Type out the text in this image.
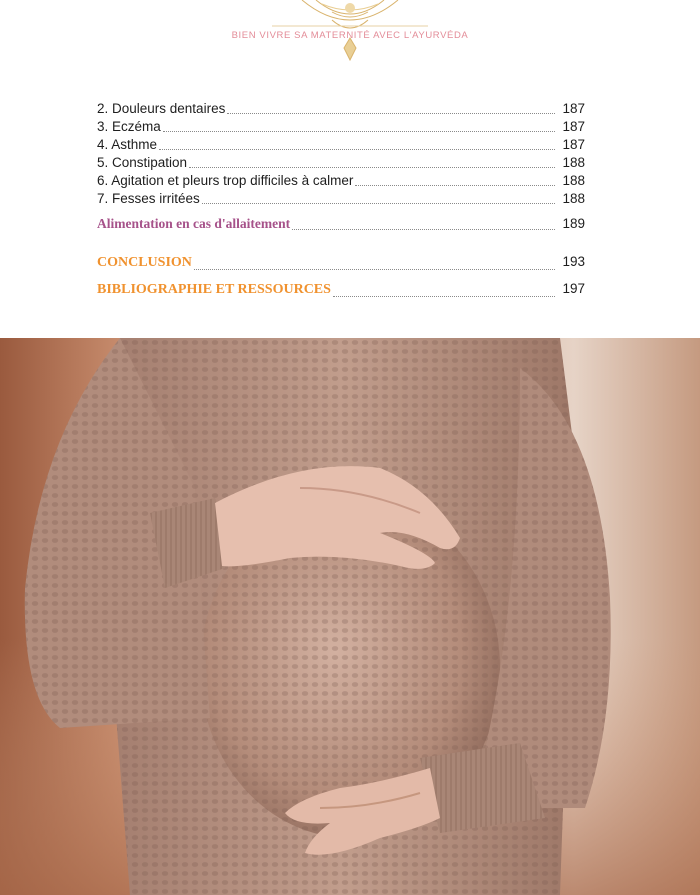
BIEN VIVRE SA MATERNITÉ AVEC L'AYURVÉDA
2. Douleurs dentaires	187
3. Eczéma	187
4. Asthme	187
5. Constipation	188
6. Agitation et pleurs trop difficiles à calmer	188
7. Fesses irritées	188
Alimentation en cas d'allaitement	189
CONCLUSION	193
BIBLIOGRAPHIE ET RESSOURCES	197
